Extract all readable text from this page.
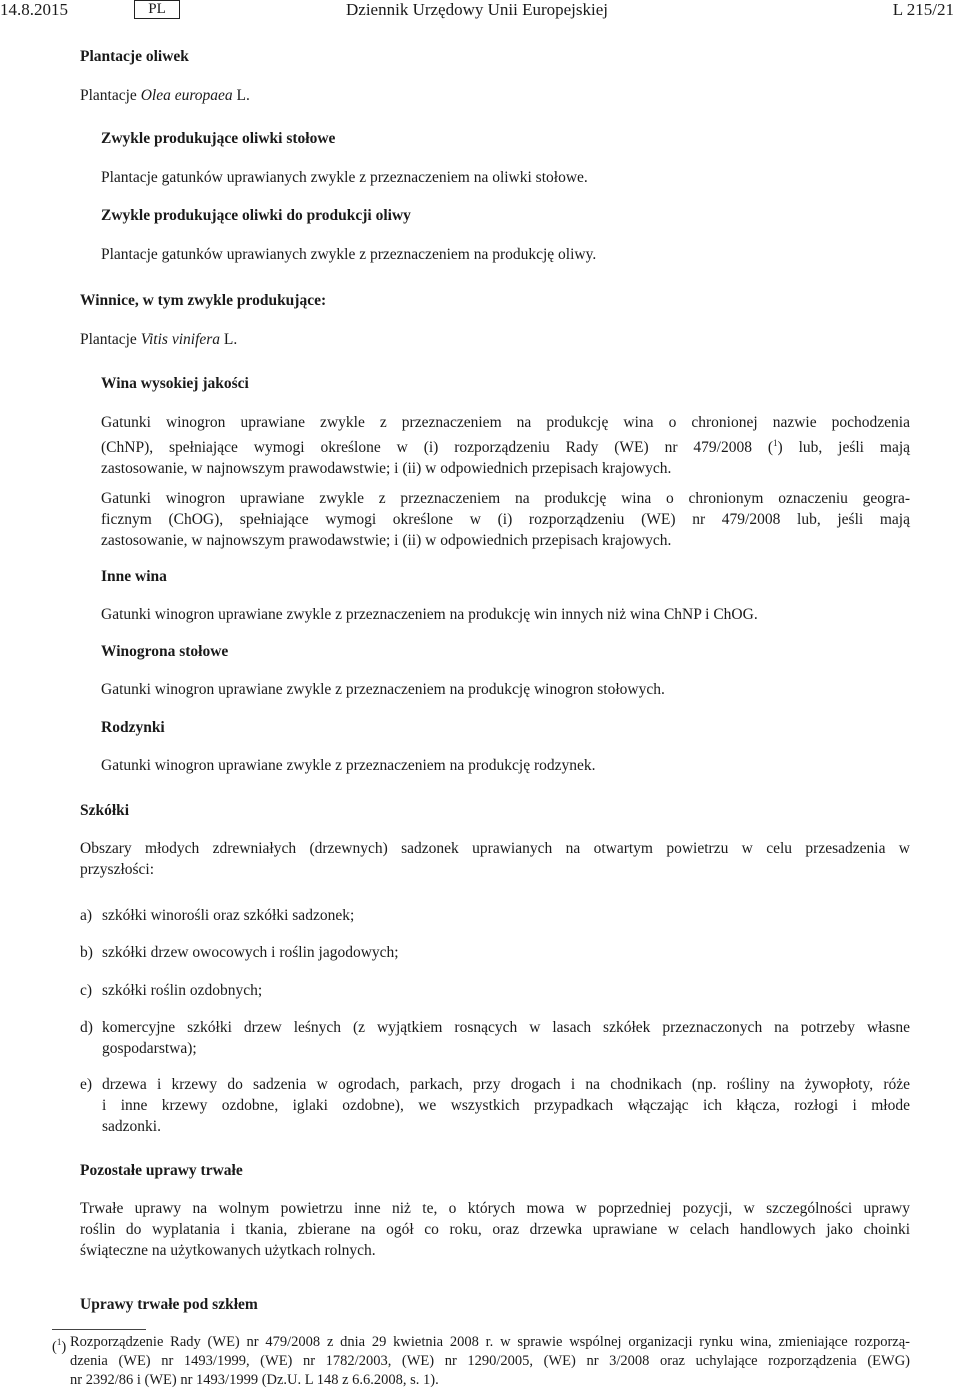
14.8.2015	PL	Dziennik Urzędowy Unii Europejskiej	L 215/21
Plantacje oliwek
Plantacje Olea europaea L.
Zwykle produkujące oliwki stołowe
Plantacje gatunków uprawianych zwykle z przeznaczeniem na oliwki stołowe.
Zwykle produkujące oliwki do produkcji oliwy
Plantacje gatunków uprawianych zwykle z przeznaczeniem na produkcję oliwy.
Winnice, w tym zwykle produkujące:
Plantacje Vitis vinifera L.
Wina wysokiej jakości
Gatunki winogron uprawiane zwykle z przeznaczeniem na produkcję wina o chronionej nazwie pochodzenia
(ChNP), spełniające wymogi określone w (i) rozporządzeniu Rady (WE) nr 479/2008 ($^1$) lub, jeśli mają
zastosowanie, w najnowszym prawodawstwie; i (ii) w odpowiednich przepisach krajowych.
Gatunki winogron uprawiane zwykle z przeznaczeniem na produkcję wina o chronionym oznaczeniu geogra-
ficznym (ChOG), spełniające wymogi określone w (i) rozporządzeniu (WE) nr 479/2008 lub, jeśli mają
zastosowanie, w najnowszym prawodawstwie; i (ii) w odpowiednich przepisach krajowych.
Inne wina
Gatunki winogron uprawiane zwykle z przeznaczeniem na produkcję win innych niż wina ChNP i ChOG.
Winogrona stołowe
Gatunki winogron uprawiane zwykle z przeznaczeniem na produkcję winogron stołowych.
Rodzynki
Gatunki winogron uprawiane zwykle z przeznaczeniem na produkcję rodzynek.
Szkółki
Obszary młodych zdrewniałych (drzewnych) sadzonek uprawianych na otwartym powietrzu w celu przesadzenia w
przyszłości:
a) szkółki winorośli oraz szkółki sadzonek;
b) szkółki drzew owocowych i roślin jagodowych;
c) szkółki roślin ozdobnych;
d) komercyjne szkółki drzew leśnych (z wyjątkiem rosnących w lasach szkółek przeznaczonych na potrzeby własne
gospodarstwa);
e) drzewa i krzewy do sadzenia w ogrodach, parkach, przy drogach i na chodnikach (np. rośliny na żywopłoty, róże
i inne krzewy ozdobne, iglaki ozdobne), we wszystkich przypadkach włączając ich kłącza, rozłogi i młode
sadzonki.
Pozostałe uprawy trwałe
Trwałe uprawy na wolnym powietrzu inne niż te, o których mowa w poprzedniej pozycji, w szczególności uprawy
roślin do wyplatania i tkania, zbierane na ogół co roku, oraz drzewka uprawiane w celach handlowych jako choinki
świąteczne na użytkowanych użytkach rolnych.
Uprawy trwałe pod szkłem
($^1$) Rozporządzenie Rady (WE) nr 479/2008 z dnia 29 kwietnia 2008 r. w sprawie wspólnej organizacji rynku wina, zmieniające rozporzą-
dzenia (WE) nr 1493/1999, (WE) nr 1782/2003, (WE) nr 1290/2005, (WE) nr 3/2008 oraz uchylające rozporządzenia (EWG)
nr 2392/86 i (WE) nr 1493/1999 (Dz.U. L 148 z 6.6.2008, s. 1).
